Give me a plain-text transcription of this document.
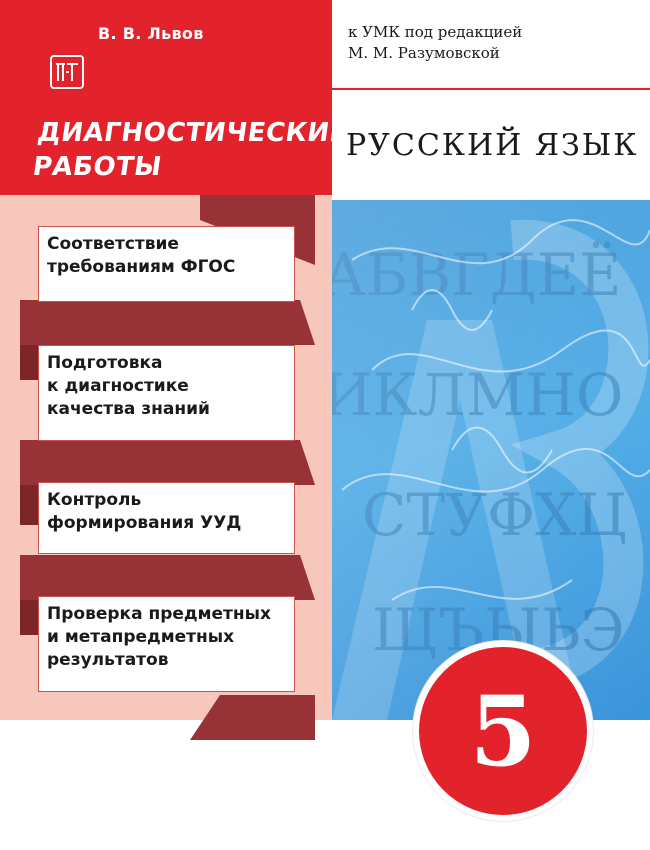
В. В. Львов
ДИАГНОСТИЧЕСКИЕ
РАБОТЫ
Соответствие
требованиям ФГОС
Подготовка
к диагностике
качества знаний
Контроль
формирования УУД
Проверка предметных
и метапредметных
результатов
к УМК под редакцией
М. М. Разумовской
РУССКИЙ ЯЗЫК
5
